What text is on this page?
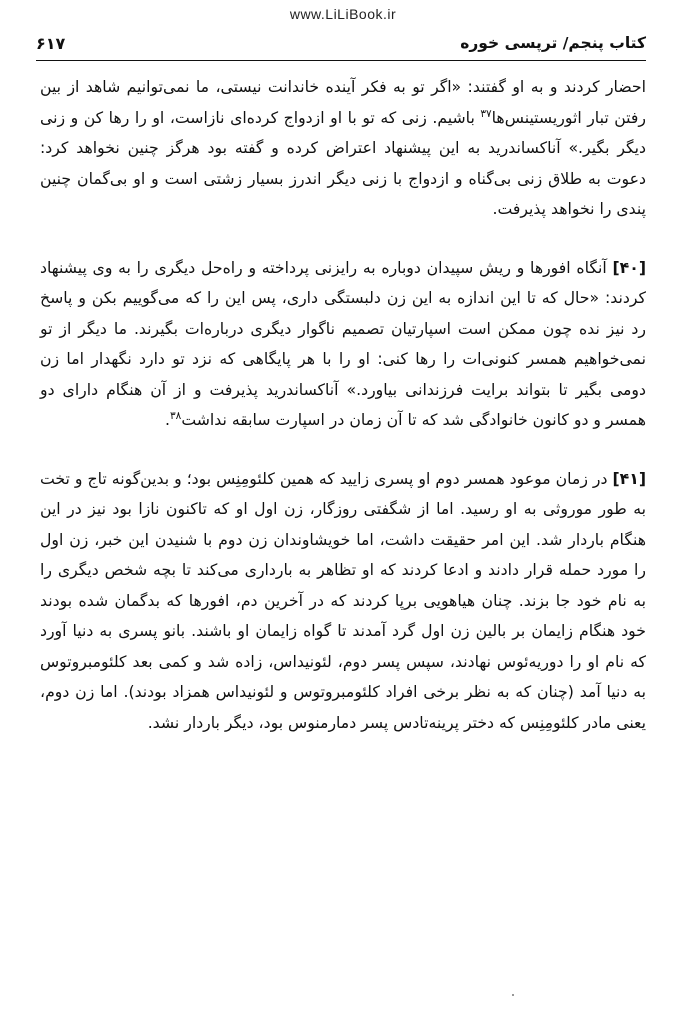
www.LiLiBook.ir
کتاب پنجم/ ترپسی خوره
۶۱۷

احضار کردند و به او گفتند: «اگر تو به فکر آینده خاندانت نیستی، ما نمی‌توانیم شاهد از بین رفتن تبار اثوریستینس‌ها$^{۳۷}$ باشیم. زنی که تو با او ازدواج کرده‌ای نازاست، او را رها کن و زنی دیگر بگیر.» آناکساندرید به این پیشنهاد اعتراض کرده و گفته بود هرگز چنین نخواهد کرد: دعوت به طلاق زنی بی‌گناه و ازدواج با زنی دیگر اندرز بسیار زشتی است و او بی‌گمان چنین پندی را نخواهد پذیرفت.

[۴۰] آنگاه افورها و ریش سپیدان دوباره به رایزنی پرداخته و راه‌حل دیگری را به وی پیشنهاد کردند: «حال که تا این اندازه به این زن دلبستگی داری، پس این را که می‌گوییم بکن و پاسخ رد نیز نده چون ممکن است اسپارتیان تصمیم ناگوار دیگری درباره‌ات بگیرند. ما دیگر از تو نمی‌خواهیم همسر کنونی‌ات را رها کنی: او را با هر پایگاهی که نزد تو دارد نگهدار اما زن دومی بگیر تا بتواند برایت فرزندانی بیاورد.» آناکساندرید پذیرفت و از آن هنگام دارای دو همسر و دو کانون خانوادگی شد که تا آن زمان در اسپارت سابقه نداشت$^{۳۸}$.

[۴۱] در زمان موعود همسر دوم او پسری زایید که همین کلئومِنِس بود؛ و بدین‌گونه تاج و تخت به طور موروثی به او رسید. اما از شگفتی روزگار، زن اول او که تاکنون نازا بود نیز در این هنگام باردار شد. این امر حقیقت داشت، اما خویشاوندان زن دوم با شنیدن این خبر، زن اول را مورد حمله قرار دادند و ادعا کردند که او تظاهر به بارداری می‌کند تا بچه شخص دیگری را به نام خود جا بزند. چنان هیاهویی برپا کردند که در آخرین دم، افورها که بدگمان شده بودند خود هنگام زایمان بر بالین زن اول گرد آمدند تا گواه زایمان او باشند. بانو پسری به دنیا آورد که نام او را دوریه‌ئوس نهادند، سپس پسر دوم، لئونیداس، زاده شد و کمی بعد کلئومبروتوس به دنیا آمد (چنان که به نظر برخی افراد کلئومبروتوس و لئونیداس همزاد بودند). اما زن دوم، یعنی مادر کلئومِنِس که دختر پرینه‌تادس پسر دمارمنوس بود، دیگر باردار نشد.
